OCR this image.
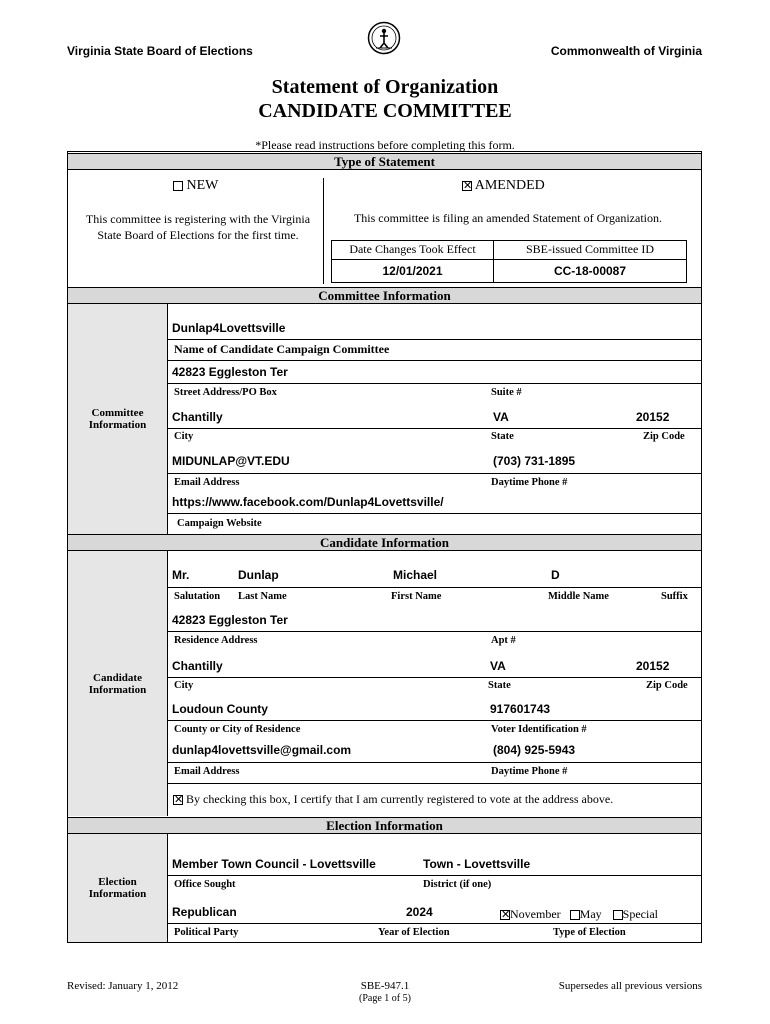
Virginia State Board of Elections	Commonwealth of Virginia
Statement of Organization
CANDIDATE COMMITTEE
*Please read instructions before completing this form.
Type of Statement
NEW
This committee is registering with the Virginia State Board of Elections for the first time.
✕ AMENDED
This committee is filing an amended Statement of Organization.
Date Changes Took Effect	SBE-issued Committee ID
12/01/2021	CC-18-00087
Committee Information
Committee Information
Dunlap4Lovettsville
Name of Candidate Campaign Committee
42823 Eggleston Ter
Street Address/PO Box	Suite #
Chantilly	VA	20152
City	State	Zip Code
MIDUNLAP@VT.EDU	(703) 731-1895
Email Address	Daytime Phone #
https://www.facebook.com/Dunlap4Lovettsville/
Campaign Website
Candidate Information
Candidate Information
Mr.	Dunlap	Michael	D
Salutation Last Name	First Name	Middle Name	Suffix
42823 Eggleston Ter
Residence Address	Apt #
Chantilly	VA	20152
City	State	Zip Code
Loudoun County	917601743
County or City of Residence	Voter Identification #
dunlap4lovettsville@gmail.com	(804) 925-5943
Email Address	Daytime Phone #
✕ By checking this box, I certify that I am currently registered to vote at the address above.
Election Information
Election Information
Member Town Council - Lovettsville	Town - Lovettsville
Office Sought	District (if one)
Republican	2024
✕	November May Special
Political Party	Year of Election	Type of Election
Revised: January 1, 2012	SBE-947.1
(Page 1 of 5)
Supersedes all previous versions
